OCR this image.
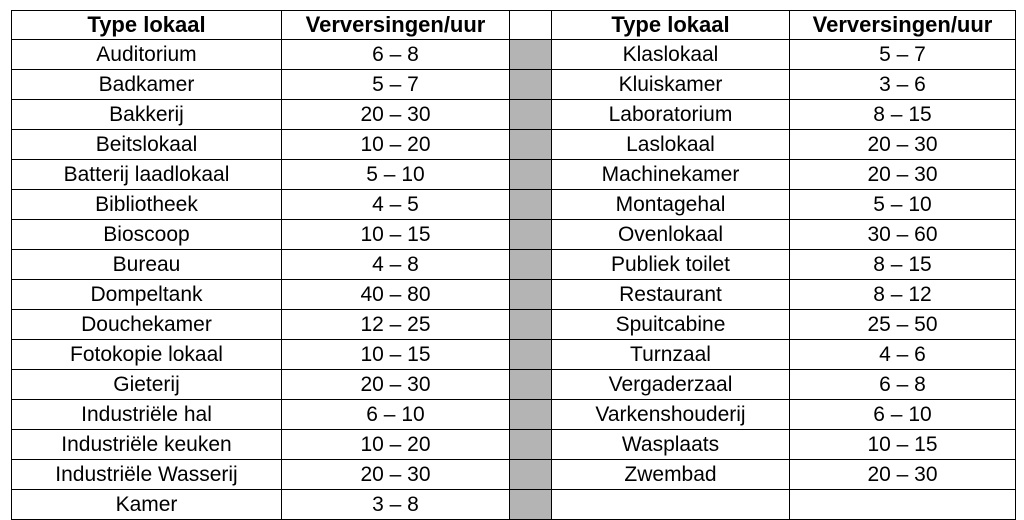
Type lokaal	Verversingen/uur		Type lokaal	Verversingen/uur
Auditorium	6 – 8		Klaslokaal	5 – 7
Badkamer	5 – 7		Kluiskamer	3 – 6
Bakkerij	20 – 30		Laboratorium	8 – 15
Beitslokaal	10 – 20		Laslokaal	20 – 30
Batterij laadlokaal	5 – 10		Machinekamer	20 – 30
Bibliotheek	4 – 5		Montagehal	5 – 10
Bioscoop	10 – 15		Ovenlokaal	30 – 60
Bureau	4 – 8		Publiek toilet	8 – 15
Dompeltank	40 – 80		Restaurant	8 – 12
Douchekamer	12 – 25		Spuitcabine	25 – 50
Fotokopie lokaal	10 – 15		Turnzaal	4 – 6
Gieterij	20 – 30		Vergaderzaal	6 – 8
Industriële hal	6 – 10		Varkenshouderij	6 – 10
Industriële keuken	10 – 20		Wasplaats	10 – 15
Industriële Wasserij	20 – 30		Zwembad	20 – 30
Kamer	3 – 8			
